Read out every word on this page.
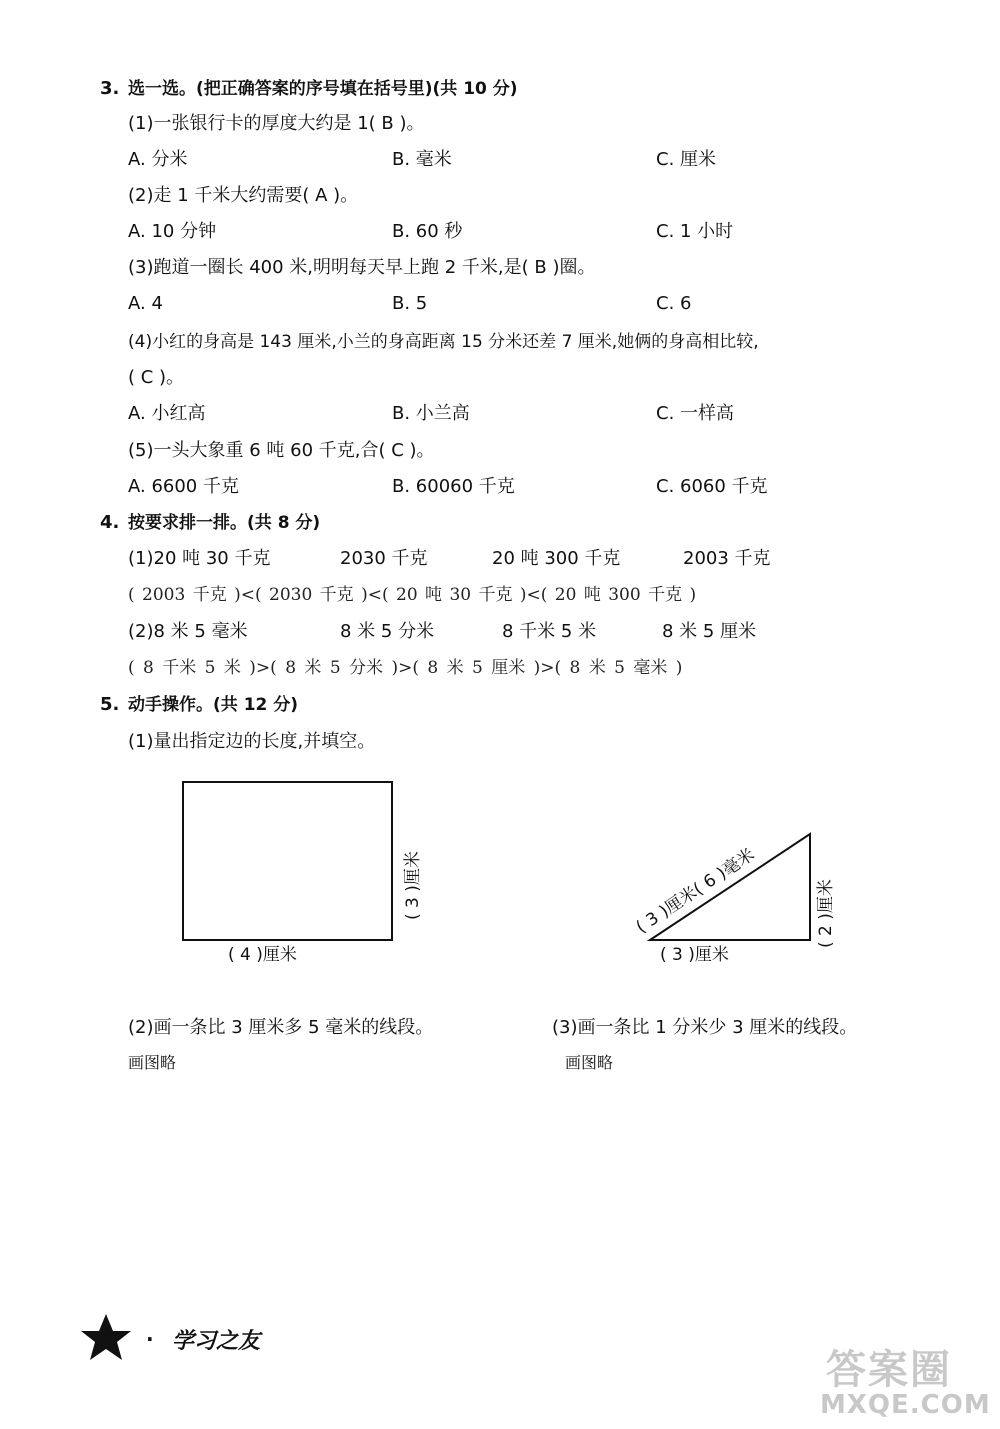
3. 选一选。(把正确答案的序号填在括号里)(共 10 分)
(1)一张银行卡的厚度大约是 1( B )。
A. 分米	B. 毫米	C. 厘米
(2)走 1 千米大约需要( A )。
A. 10 分钟	B. 60 秒	C. 1 小时
(3)跑道一圈长 400 米,明明每天早上跑 2 千米,是( B )圈。
A. 4	B. 5	C. 6
(4)小红的身高是 143 厘米,小兰的身高距离 15 分米还差 7 厘米,她俩的身高相比较,
( C )。
A. 小红高	B. 小兰高	C. 一样高
(5)一头大象重 6 吨 60 千克,合( C )。
A. 6600 千克	B. 60060 千克	C. 6060 千克
4. 按要求排一排。(共 8 分)
(1)20 吨 30 千克	2030 千克	20 吨 300 千克	2003 千克
( 2003 千克 )<( 2030 千克 )<( 20 吨 30 千克 )<( 20 吨 300 千克 )
(2)8 米 5 毫米	8 米 5 分米	8 千米 5 米	8 米 5 厘米
( 8 千米 5 米 )>( 8 米 5 分米 )>( 8 米 5 厘米 )>( 8 米 5 毫米 )
5. 动手操作。(共 12 分)
(1)量出指定边的长度,并填空。
( 4 )厘米
( 3 )厘米	( 3 )厘米( 6 )毫米	( 2 )厘米
( 3 )厘米
(2)画一条比 3 厘米多 5 毫米的线段。
画图略
(3)画一条比 1 分米少 3 厘米的线段。
画图略
· 学习之友
答案圈
MXQE.COM
